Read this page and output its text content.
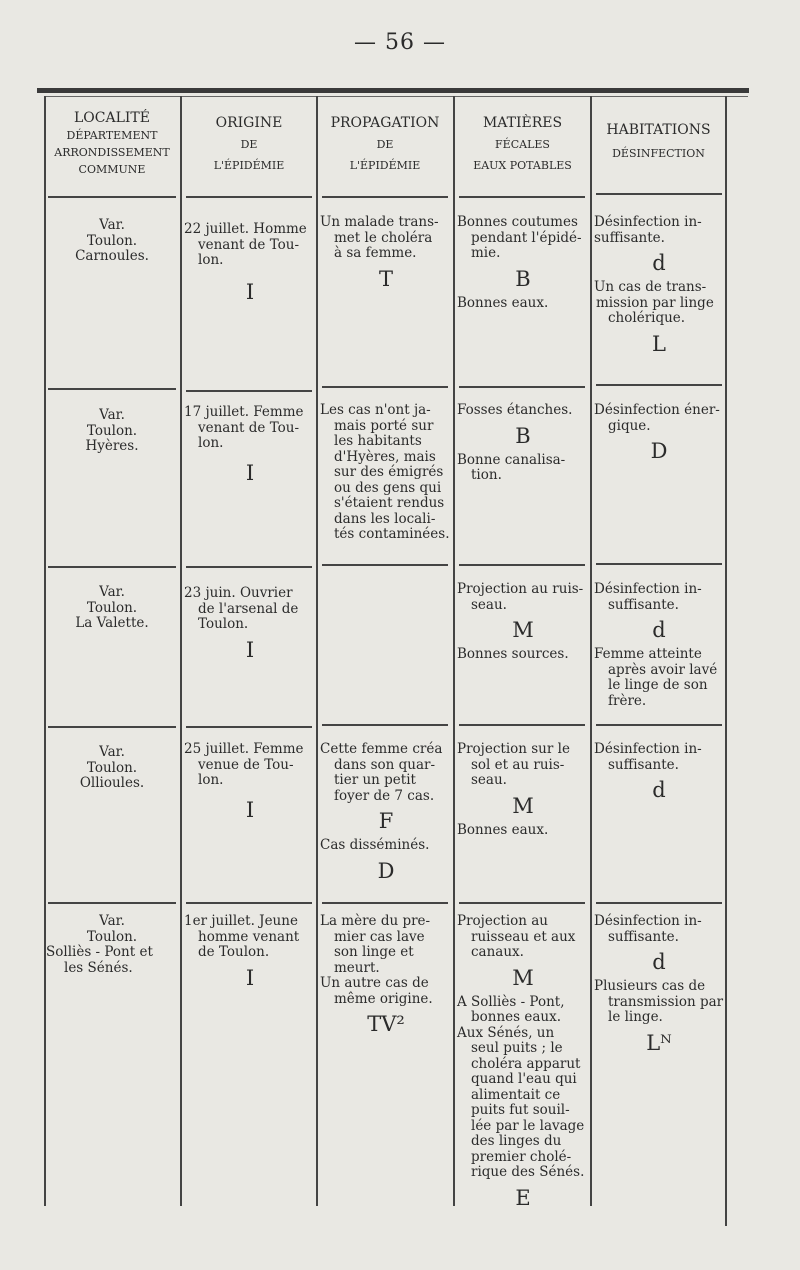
— 56 —
LOCALITÉ
DÉPARTEMENT
ARRONDISSEMENT
COMMUNE
ORIGINE
DE
L'ÉPIDÉMIE
PROPAGATION
DE
L'ÉPIDÉMIE
MATIÈRES
FÉCALES
EAUX POTABLES
HABITATIONS
DÉSINFECTION
Var.
Toulon.
Carnoules.
22 juillet. Homme
venant de Tou-
lon.
I
Un malade trans-
met le choléra
à sa femme.
T
Bonnes coutumes
pendant l'épidé-
mie.
B
Bonnes eaux.
Désinfection in-
suffisante.
d
Un cas de trans-
mission par linge
cholérique.
L
Var.
Toulon.
Hyères.
17 juillet. Femme
venant de Tou-
lon.
I
Les cas n'ont ja-
mais porté sur
les habitants
d'Hyères, mais
sur des émigrés
ou des gens qui
s'étaient rendus
dans les locali-
tés contaminées.
Fosses étanches.
B
Bonne canalisa-
tion.
Désinfection éner-
gique.
D
Var.
Toulon.
La Valette.
23 juin. Ouvrier
de l'arsenal de
Toulon.
I
Projection au ruis-
seau.
M
Bonnes sources.
Désinfection in-
suffisante.
d
Femme atteinte
après avoir lavé
le linge de son
frère.
Var.
Toulon.
Ollioules.
25 juillet. Femme
venue de Tou-
lon.
I
Cette femme créa
dans son quar-
tier un petit
foyer de 7 cas.
F
Cas disséminés.
D
Projection sur le
sol et au ruis-
seau.
M
Bonnes eaux.
Désinfection in-
suffisante.
d
Var.
Toulon.
Solliès - Pont et
les Sénés.
1er juillet. Jeune
homme venant
de Toulon.
I
La mère du pre-
mier cas lave
son linge et
meurt.
Un autre cas de
même origine.
TV²
Projection au
ruisseau et aux
canaux.
M
A Solliès - Pont,
bonnes eaux.
Aux Sénés, un
seul puits ; le
choléra apparut
quand l'eau qui
alimentait ce
puits fut souil-
lée par le lavage
des linges du
premier cholé-
rique des Sénés.
E
Désinfection in-
suffisante.
d
Plusieurs cas de
transmission par
le linge.
Lᴺ
